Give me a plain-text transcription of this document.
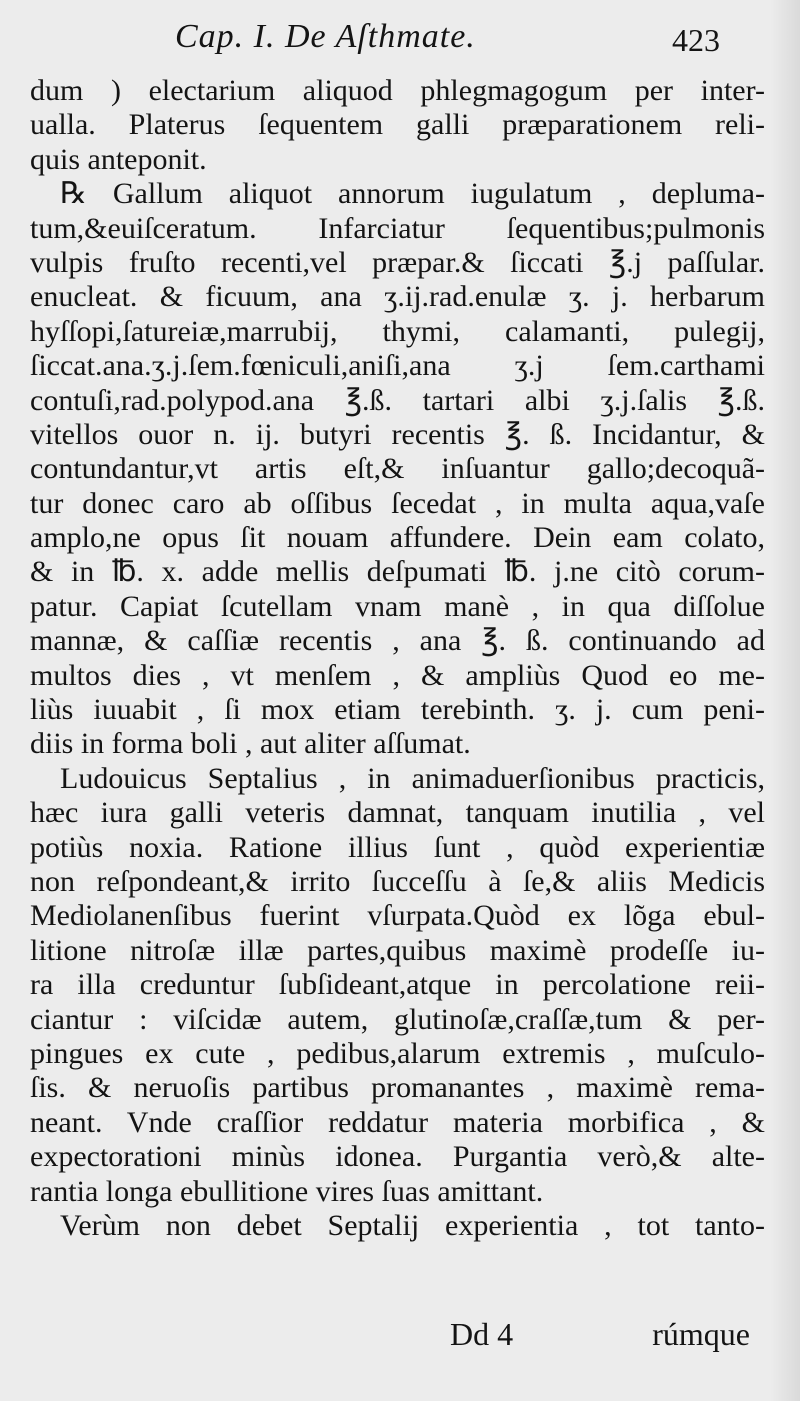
Cap. I. De Aſthmate.	423
dum ) electarium aliquod phlegmagogum per inter-
ualla. Platerus ſequentem galli præparationem reli-
quis anteponit.
℞ Gallum aliquot annorum iugulatum , depluma-
tum,&euiſceratum. Infarciatur ſequentibus;pulmonis
vulpis fruſto recenti,vel præpar.& ſiccati ℥.j paſſular.
enucleat. & ficuum, ana ʒ.ij.rad.enulæ ʒ. j. herbarum
hyſſopi,ſatureiæ,marrubij, thymi, calamanti, pulegij,
ſiccat.ana.ʒ.j.ſem.fœniculi,aniſi,ana ʒ.j ſem.carthami
contuſi,rad.polypod.ana ℥.ß. tartari albi ʒ.j.ſalis ℥.ß.
vitellos ouor n. ij. butyri recentis ℥. ß. Incidantur, &
contundantur,vt artis eſt,& inſuantur gallo;decoquã-
tur donec caro ab oſſibus ſecedat , in multa aqua,vaſe
amplo,ne opus ſit nouam affundere. Dein eam colato,
& in ℔. x. adde mellis deſpumati ℔. j.ne citò corum-
patur. Capiat ſcutellam vnam manè , in qua diſſolue
mannæ, & caſſiæ recentis , ana ℥. ß. continuando ad
multos dies , vt menſem , & ampliùs Quod eo me-
liùs iuuabit , ſi mox etiam terebinth. ʒ. j. cum peni-
diis in forma boli , aut aliter aſſumat.
Ludouicus Septalius , in animaduerſionibus practicis,
hæc iura galli veteris damnat, tanquam inutilia , vel
potiùs noxia. Ratione illius ſunt , quòd experientiæ
non reſpondeant,& irrito ſucceſſu à ſe,& aliis Medicis
Mediolanenſibus fuerint vſurpata.Quòd ex lõga ebul-
litione nitroſæ illæ partes,quibus maximè prodeſſe iu-
ra illa creduntur ſubſideant,atque in percolatione reii-
ciantur : viſcidæ autem, glutinoſæ,craſſæ,tum & per-
pingues ex cute , pedibus,alarum extremis , muſculo-
ſis. & neruoſis partibus promanantes , maximè rema-
neant. Vnde craſſior reddatur materia morbifica , &
expectorationi minùs idonea. Purgantia verò,& alte-
rantia longa ebullitione vires ſuas amittant.
Verùm non debet Septalij experientia , tot tanto-
Dd 4	rúmque
